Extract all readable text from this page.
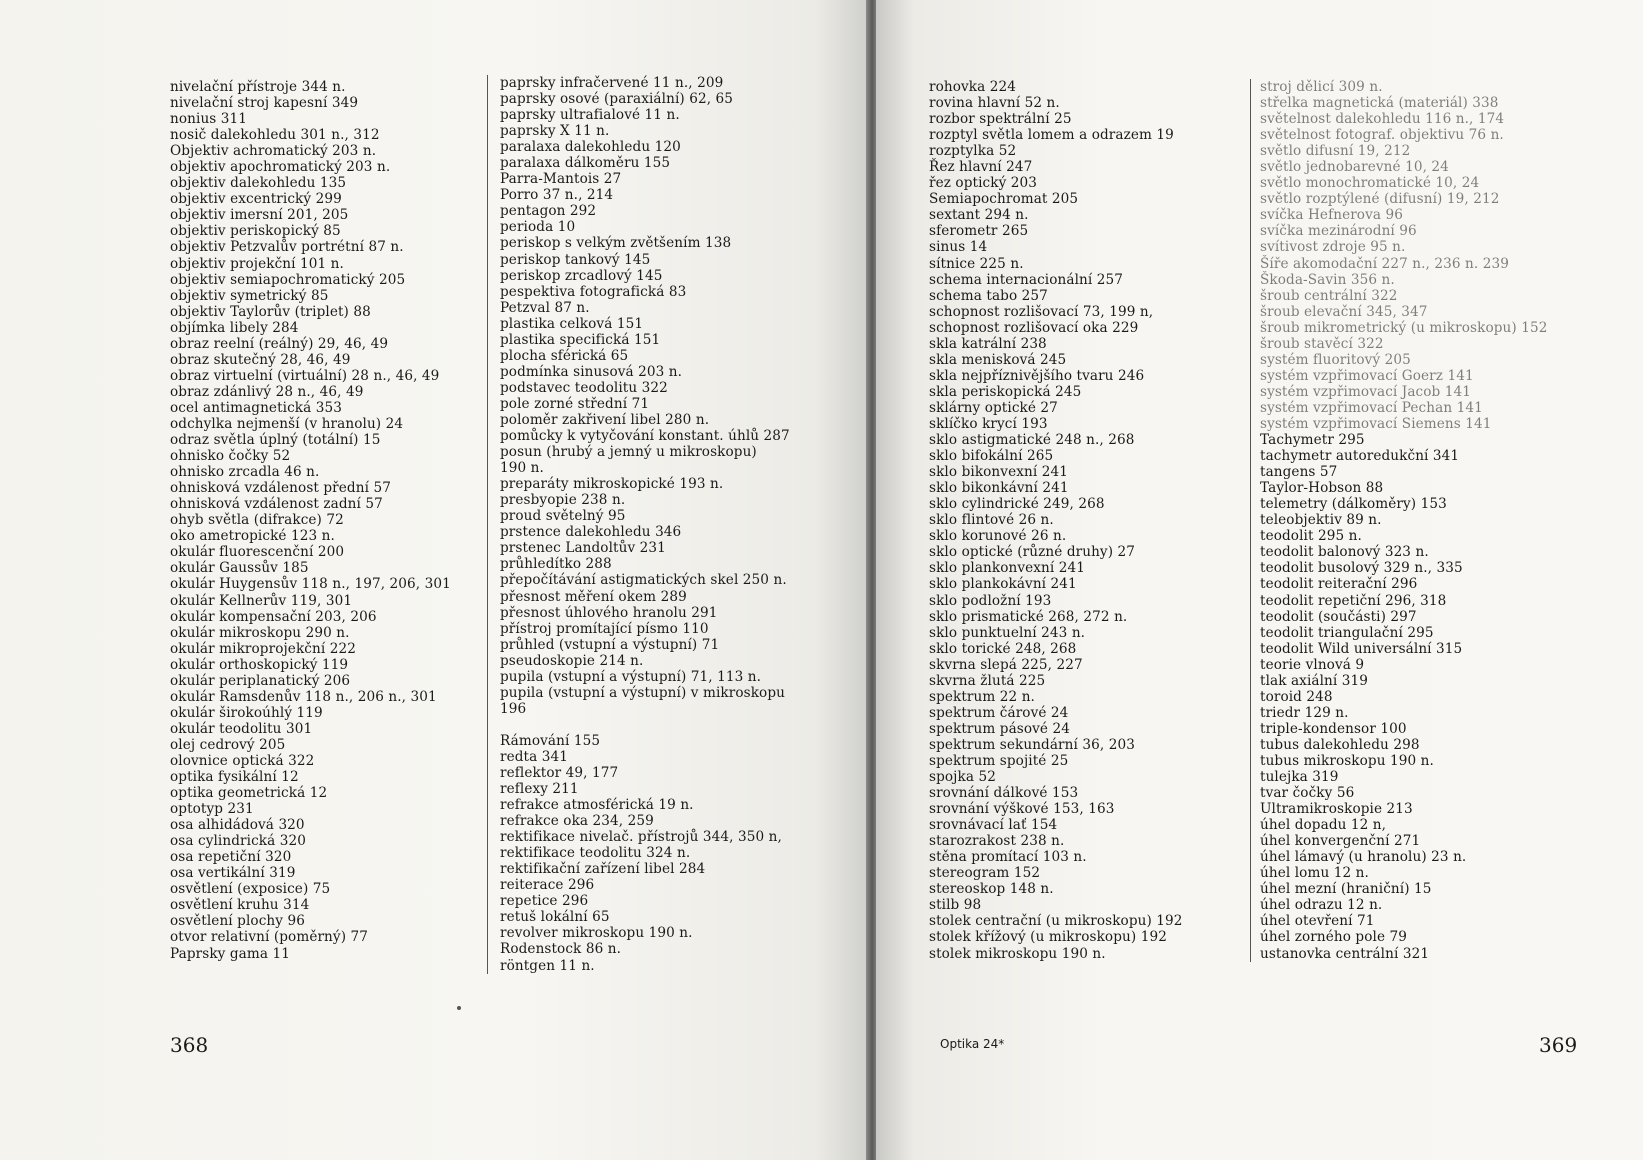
nivelační přístroje 344 n.
nivelační stroj kapesní 349
nonius 311
nosič dalekohledu 301 n., 312
Objektiv achromatický 203 n.
objektiv apochromatický 203 n.
objektiv dalekohledu 135
objektiv excentrický 299
objektiv imersní 201, 205
objektiv periskopický 85
objektiv Petzvalův portrétní 87 n.
objektiv projekční 101 n.
objektiv semiapochromatický 205
objektiv symetrický 85
objektiv Taylorův (triplet) 88
objímka libely 284
obraz reelní (reálný) 29, 46, 49
obraz skutečný 28, 46, 49
obraz virtuelní (virtuální) 28 n., 46, 49
obraz zdánlivý 28 n., 46, 49
ocel antimagnetická 353
odchylka nejmenší (v hranolu) 24
odraz světla úplný (totální) 15
ohnisko čočky 52
ohnisko zrcadla 46 n.
ohnisková vzdálenost přední 57
ohnisková vzdálenost zadní 57
ohyb světla (difrakce) 72
oko ametropické 123 n.
okulár fluorescenční 200
okulár Gaussův 185
okulár Huygensův 118 n., 197, 206, 301
okulár Kellnerův 119, 301
okulár kompensační 203, 206
okulár mikroskopu 290 n.
okulár mikroprojekční 222
okulár orthoskopický 119
okulár periplanatický 206
okulár Ramsdenův 118 n., 206 n., 301
okulár širokoúhlý 119
okulár teodolitu 301
olej cedrový 205
olovnice optická 322
optika fysikální 12
optika geometrická 12
optotyp 231
osa alhidádová 320
osa cylindrická 320
osa repetiční 320
osa vertikální 319
osvětlení (exposice) 75
osvětlení kruhu 314
osvětlení plochy 96
otvor relativní (poměrný) 77
Paprsky gama 11
paprsky infračervené 11 n., 209
paprsky osové (paraxiální) 62, 65
paprsky ultrafialové 11 n.
paprsky X 11 n.
paralaxa dalekohledu 120
paralaxa dálkoměru 155
Parra-Mantois 27
Porro 37 n., 214
pentagon 292
perioda 10
periskop s velkým zvětšením 138
periskop tankový 145
periskop zrcadlový 145
pespektiva fotografická 83
Petzval 87 n.
plastika celková 151
plastika specifická 151
plocha sférická 65
podmínka sinusová 203 n.
podstavec teodolitu 322
pole zorné střední 71
poloměr zakřivení libel 280 n.
pomůcky k vytyčování konstant. úhlů 287
posun (hrubý a jemný u mikroskopu)
190 n.
preparáty mikroskopické 193 n.
presbyopie 238 n.
proud světelný 95
prstence dalekohledu 346
prstenec Landoltův 231
průhledítko 288
přepočítávání astigmatických skel 250 n.
přesnost měření okem 289
přesnost úhlového hranolu 291
přístroj promítající písmo 110
průhled (vstupní a výstupní) 71
pseudoskopie 214 n.
pupila (vstupní a výstupní) 71, 113 n.
pupila (vstupní a výstupní) v mikroskopu
196
Rámování 155
redta 341
reflektor 49, 177
reflexy 211
refrakce atmosférická 19 n.
refrakce oka 234, 259
rektifikace nivelač. přístrojů 344, 350 n,
rektifikace teodolitu 324 n.
rektifikační zařízení libel 284
reiterace 296
repetice 296
retuš lokální 65
revolver mikroskopu 190 n.
Rodenstock 86 n.
röntgen 11 n.
368
rohovka 224
rovina hlavní 52 n.
rozbor spektrální 25
rozptyl světla lomem a odrazem 19
rozptylka 52
Řez hlavní 247
řez optický 203
Semiapochromat 205
sextant 294 n.
sferometr 265
sinus 14
sítnice 225 n.
schema internacionální 257
schema tabo 257
schopnost rozlišovací 73, 199 n,
schopnost rozlišovací oka 229
skla katrální 238
skla menisková 245
skla nejpříznivějšího tvaru 246
skla periskopická 245
sklárny optické 27
sklíčko krycí 193
sklo astigmatické 248 n., 268
sklo bifokální 265
sklo bikonvexní 241
sklo bikonkávní 241
sklo cylindrické 249, 268
sklo flintové 26 n.
sklo korunové 26 n.
sklo optické (různé druhy) 27
sklo plankonvexní 241
sklo plankokávní 241
sklo podložní 193
sklo prismatické 268, 272 n.
sklo punktuelní 243 n.
sklo torické 248, 268
skvrna slepá 225, 227
skvrna žlutá 225
spektrum 22 n.
spektrum čárové 24
spektrum pásové 24
spektrum sekundární 36, 203
spektrum spojité 25
spojka 52
srovnání dálkové 153
srovnání výškové 153, 163
srovnávací lať 154
starozrakost 238 n.
stěna promítací 103 n.
stereogram 152
stereoskop 148 n.
stilb 98
stolek centrační (u mikroskopu) 192
stolek křížový (u mikroskopu) 192
stolek mikroskopu 190 n.
stroj dělicí 309 n.
střelka magnetická (materiál) 338
světelnost dalekohledu 116 n., 174
světelnost fotograf. objektivu 76 n.
světlo difusní 19, 212
světlo jednobarevné 10, 24
světlo monochromatické 10, 24
světlo rozptýlené (difusní) 19, 212
svíčka Hefnerova 96
svíčka mezinárodní 96
svítivost zdroje 95 n.
Šíře akomodační 227 n., 236 n. 239
Škoda-Savin 356 n.
šroub centrální 322
šroub elevační 345, 347
šroub mikrometrický (u mikroskopu) 152
šroub stavěcí 322
systém fluoritový 205
systém vzpřimovací Goerz 141
systém vzpřimovací Jacob 141
systém vzpřimovací Pechan 141
systém vzpřimovací Siemens 141
Tachymetr 295
tachymetr autoredukční 341
tangens 57
Taylor-Hobson 88
telemetry (dálkoměry) 153
teleobjektiv 89 n.
teodolit 295 n.
teodolit balonový 323 n.
teodolit busolový 329 n., 335
teodolit reiterační 296
teodolit repetiční 296, 318
teodolit (součásti) 297
teodolit triangulační 295
teodolit Wild universální 315
teorie vlnová 9
tlak axiální 319
toroid 248
triedr 129 n.
triple-kondensor 100
tubus dalekohledu 298
tubus mikroskopu 190 n.
tulejka 319
tvar čočky 56
Ultramikroskopie 213
úhel dopadu 12 n,
úhel konvergenční 271
úhel lámavý (u hranolu) 23 n.
úhel lomu 12 n.
úhel mezní (hraniční) 15
úhel odrazu 12 n.
úhel otevření 71
úhel zorného pole 79
ustanovka centrální 321
Optika 24*	369
